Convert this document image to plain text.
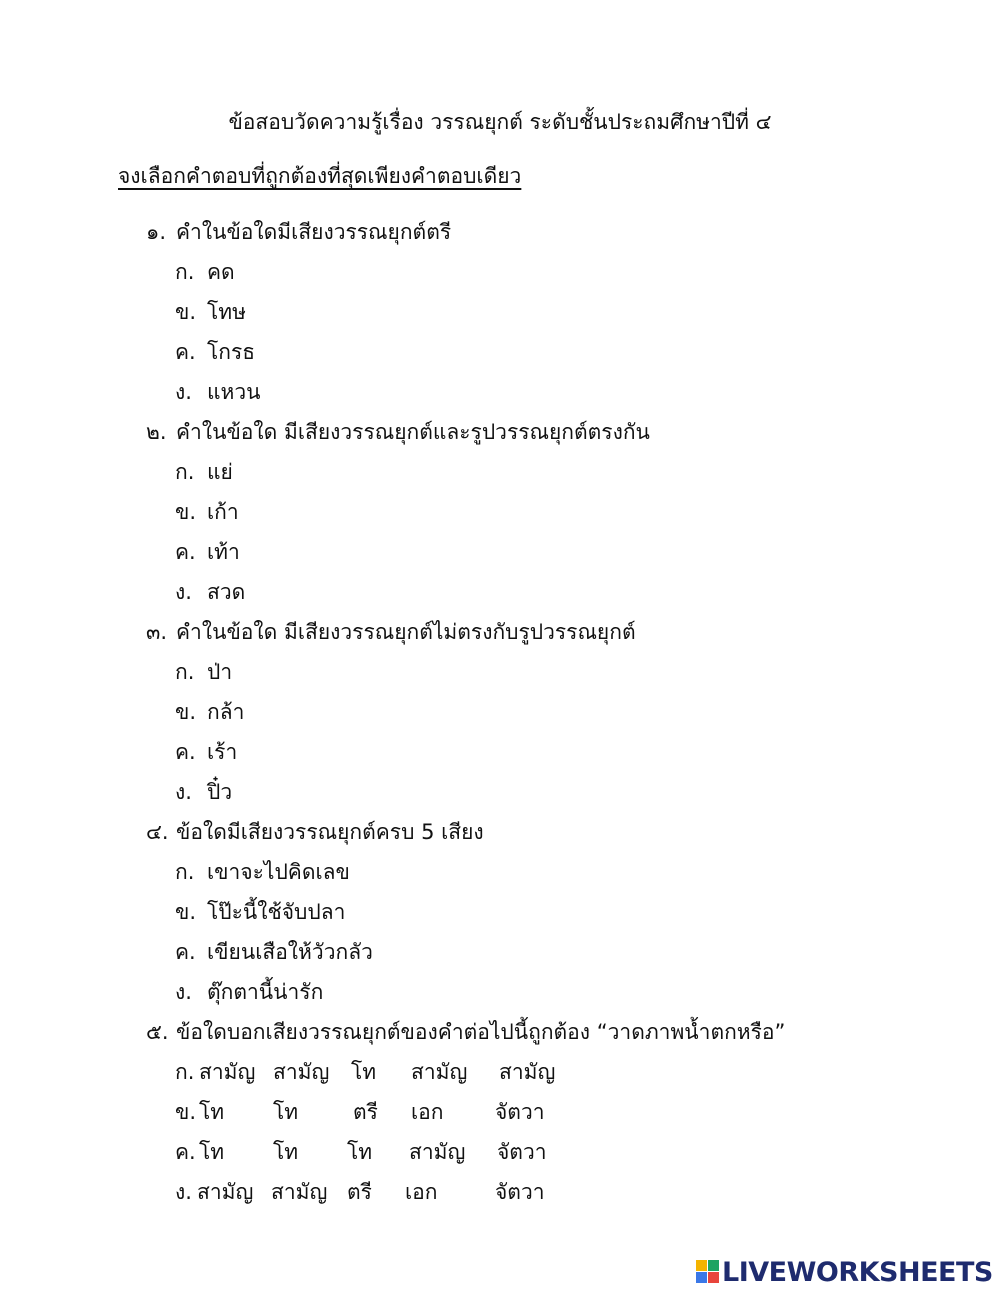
ข้อสอบวัดความรู้เรื่อง วรรณยุกต์ ระดับชั้นประถมศึกษาปีที่ ๔
จงเลือกคำตอบที่ถูกต้องที่สุดเพียงคำตอบเดียว
๑. คำในข้อใดมีเสียงวรรณยุกต์ตรี
ก. คด
ข. โทษ
ค. โกรธ
ง. แหวน
๒. คำในข้อใด มีเสียงวรรณยุกต์และรูปวรรณยุกต์ตรงกัน
ก. แย่
ข. เก้า
ค. เท้า
ง. สวด
๓. คำในข้อใด มีเสียงวรรณยุกต์ไม่ตรงกับรูปวรรณยุกต์
ก. ป่า
ข. กล้า
ค. เร้า
ง. ปิ๋ว
๔. ข้อใดมีเสียงวรรณยุกต์ครบ 5 เสียง
ก. เขาจะไปคิดเลข
ข. โป๊ะนี้ใช้จับปลา
ค. เขียนเสือให้วัวกลัว
ง. ตุ๊กตานี้น่ารัก
๕. ข้อใดบอกเสียงวรรณยุกต์ของคำต่อไปนี้ถูกต้อง “วาดภาพน้ำตกหรือ”
ก. สามัญ สามัญ โท สามัญ สามัญ
ข. โท โท	ตรี เอก จัตวา
ค. โท โท โท สามัญ จัตวา
ง. สามัญ สามัญ ตรี เอก	จัตวา
LIVEWORKSHEETS
